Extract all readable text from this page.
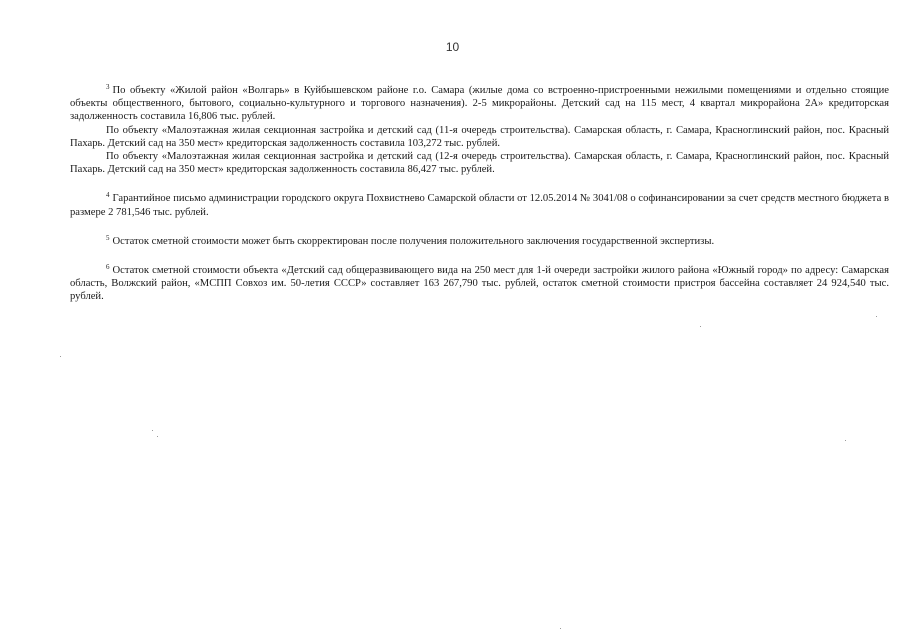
10

$^3$ По объекту «Жилой район «Волгарь» в Куйбышевском районе г.о. Самара (жилые дома со встроенно-пристроенными нежилыми помещениями и отдельно стоящие объекты общественного, бытового, социально-культурного и торгового назначения). 2-5 микрорайоны. Детский сад на 115 мест, 4 квартал микрорайона 2А» кредиторская задолженность составила 16,806 тыс. рублей.

По объекту «Малоэтажная жилая секционная застройка и детский сад (11-я очередь строительства). Самарская область, г. Самара, Красноглинский район, пос. Красный Пахарь. Детский сад на 350 мест» кредиторская задолженность составила 103,272 тыс. рублей.

По объекту «Малоэтажная жилая секционная застройка и детский сад (12-я очередь строительства). Самарская область, г. Самара, Красноглинский район, пос. Красный Пахарь. Детский сад на 350 мест» кредиторская задолженность составила 86,427 тыс. рублей.

$^4$ Гарантийное письмо администрации городского округа Похвистнево Самарской области от 12.05.2014 № 3041/08 о софинансировании за счет средств местного бюджета в размере 2 781,546 тыс. рублей.

$^5$ Остаток сметной стоимости может быть скорректирован после получения положительного заключения государственной экспертизы.

$^6$ Остаток сметной стоимости объекта «Детский сад общеразвивающего вида на 250 мест для 1-й очереди застройки жилого района «Южный город» по адресу: Самарская область, Волжский район, «МСПП Совхоз им. 50-летия СССР» составляет 163 267,790 тыс. рублей, остаток сметной стоимости пристроя бассейна составляет 24 924,540 тыс. рублей.
